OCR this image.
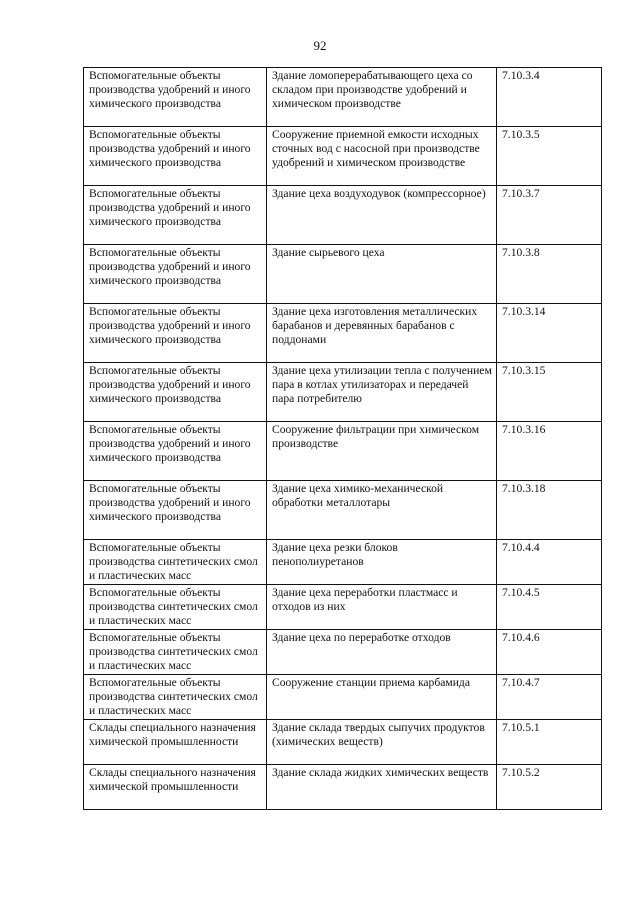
92
Вспомогательные объекты производства удобрений и иного химического производства	Здание ломоперерабатывающего цеха со складом при производстве удобрений и химическом производстве	7.10.3.4
Вспомогательные объекты производства удобрений и иного химического производства	Сооружение приемной емкости исходных сточных вод с насосной при производстве удобрений и химическом производстве	7.10.3.5
Вспомогательные объекты производства удобрений и иного химического производства	Здание цеха воздуходувок (компрессорное)	7.10.3.7
Вспомогательные объекты производства удобрений и иного химического производства	Здание сырьевого цеха	7.10.3.8
Вспомогательные объекты производства удобрений и иного химического производства	Здание цеха изготовления металлических барабанов и деревянных барабанов с поддонами	7.10.3.14
Вспомогательные объекты производства удобрений и иного химического производства	Здание цеха утилизации тепла с получением пара в котлах утилизаторах и передачей пара потребителю	7.10.3.15
Вспомогательные объекты производства удобрений и иного химического производства	Сооружение фильтрации при химическом производстве	7.10.3.16
Вспомогательные объекты производства удобрений и иного химического производства	Здание цеха химико-механической обработки металлотары	7.10.3.18
Вспомогательные объекты производства синтетических смол и пластических масс	Здание цеха резки блоков пенополиуретанов	7.10.4.4
Вспомогательные объекты производства синтетических смол и пластических масс	Здание цеха переработки пластмасс и отходов из них	7.10.4.5
Вспомогательные объекты производства синтетических смол и пластических масс	Здание цеха по переработке отходов	7.10.4.6
Вспомогательные объекты производства синтетических смол и пластических масс	Сооружение станции приема карбамида	7.10.4.7
Склады специального назначения химической промышленности	Здание склада твердых сыпучих продуктов (химических веществ)	7.10.5.1
Склады специального назначения химической промышленности	Здание склада жидких химических веществ	7.10.5.2
